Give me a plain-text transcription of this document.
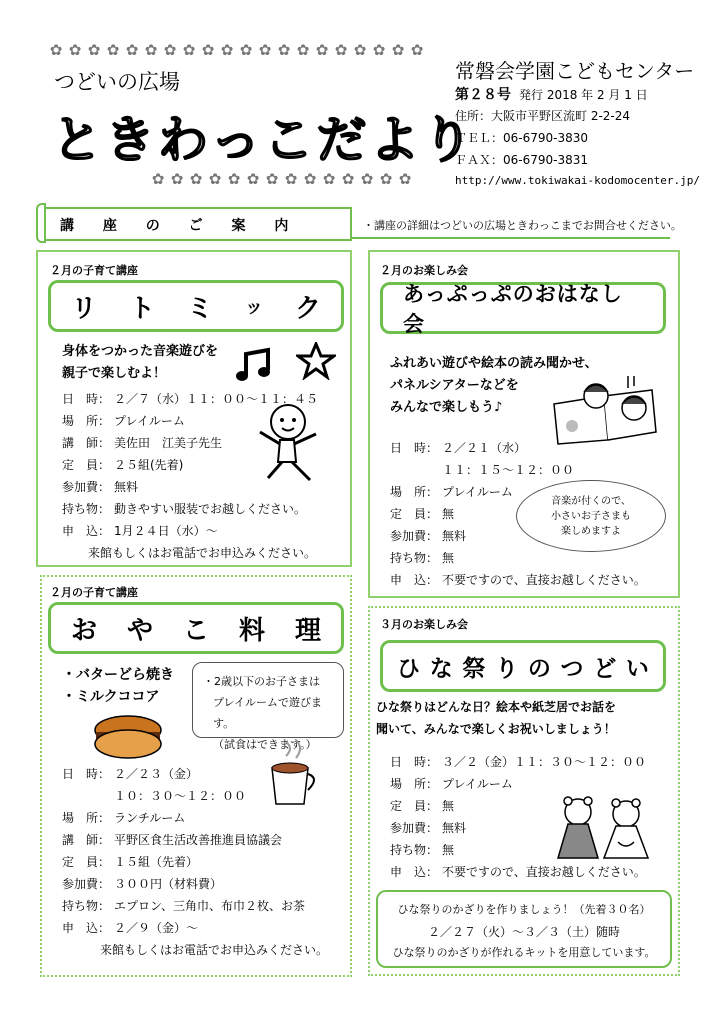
✿ ✿ ✿ ✿ ✿ ✿ ✿ ✿ ✿ ✿ ✿ ✿ ✿ ✿ ✿ ✿ ✿ ✿ ✿ ✿
つどいの広場
ときわっこだより
✿ ✿ ✿ ✿ ✿ ✿ ✿ ✿ ✿ ✿ ✿ ✿ ✿ ✿
常磐会学園こどもセンター
第２８号 発行 2018 年 2 月 1 日
住所：大阪市平野区流町 2-2-24
ＴＥＬ：06-6790-3830
ＦＡＸ：06-6790-3831
http://www.tokiwakai-kodomocenter.jp/
講 座 の ご 案 内	・講座の詳細はつどいの広場ときわっこまでお問合せください。
２月の子育て講座
リ ト ミ ッ ク
身体をつかった音楽遊びを
親子で楽しむよ！
日　時： ２／７（水）１１：００～１１：４５
場　所： プレイルーム
講　師： 美佐田　江美子先生
定　員： ２５組(先着)
参加費： 無料
持ち物： 動きやすい服装でお越しください。
申　込： 1月２４日（水）～
来館もしくはお電話でお申込みください。
２月の子育て講座
お や こ 料 理
・バターどら焼き
・ミルクココア
・2歳以下のお子さまは
プレイルームで遊びます。
（試食はできます。）
日　時： ２／２３（金）
１０：３０～１２：００
場　所： ランチルーム
講　師： 平野区食生活改善推進員協議会
定　員： １５組（先着）
参加費： ３００円（材料費）
持ち物： エプロン、三角巾、布巾２枚、お茶
申　込： ２／９（金）～
来館もしくはお電話でお申込みください。
２月のお楽しみ会
あっぷっぷのおはなし会
ふれあい遊びや絵本の読み聞かせ、
パネルシアターなどを
みんなで楽しもう♪
日　時： ２／２１（水）
１１：１５～１２：００
場　所： プレイルーム
定　員： 無
参加費： 無料
持ち物： 無
申　込： 不要ですので、直接お越しください。
音楽が付くので、
小さいお子さまも
楽しめますよ
３月のお楽しみ会
ひ な 祭 り の つ ど い
ひな祭りはどんな日？絵本や紙芝居でお話を
聞いて、みんなで楽しくお祝いしましょう！
日　時： ３／２（金）１１：３０～１２：００
場　所： プレイルーム
定　員： 無
参加費： 無料
持ち物： 無
申　込： 不要ですので、直接お越しください。
ひな祭りのかざりを作りましょう！（先着３０名）
２／２７（火）～３／３（土）随時
ひな祭りのかざりが作れるキットを用意しています。
